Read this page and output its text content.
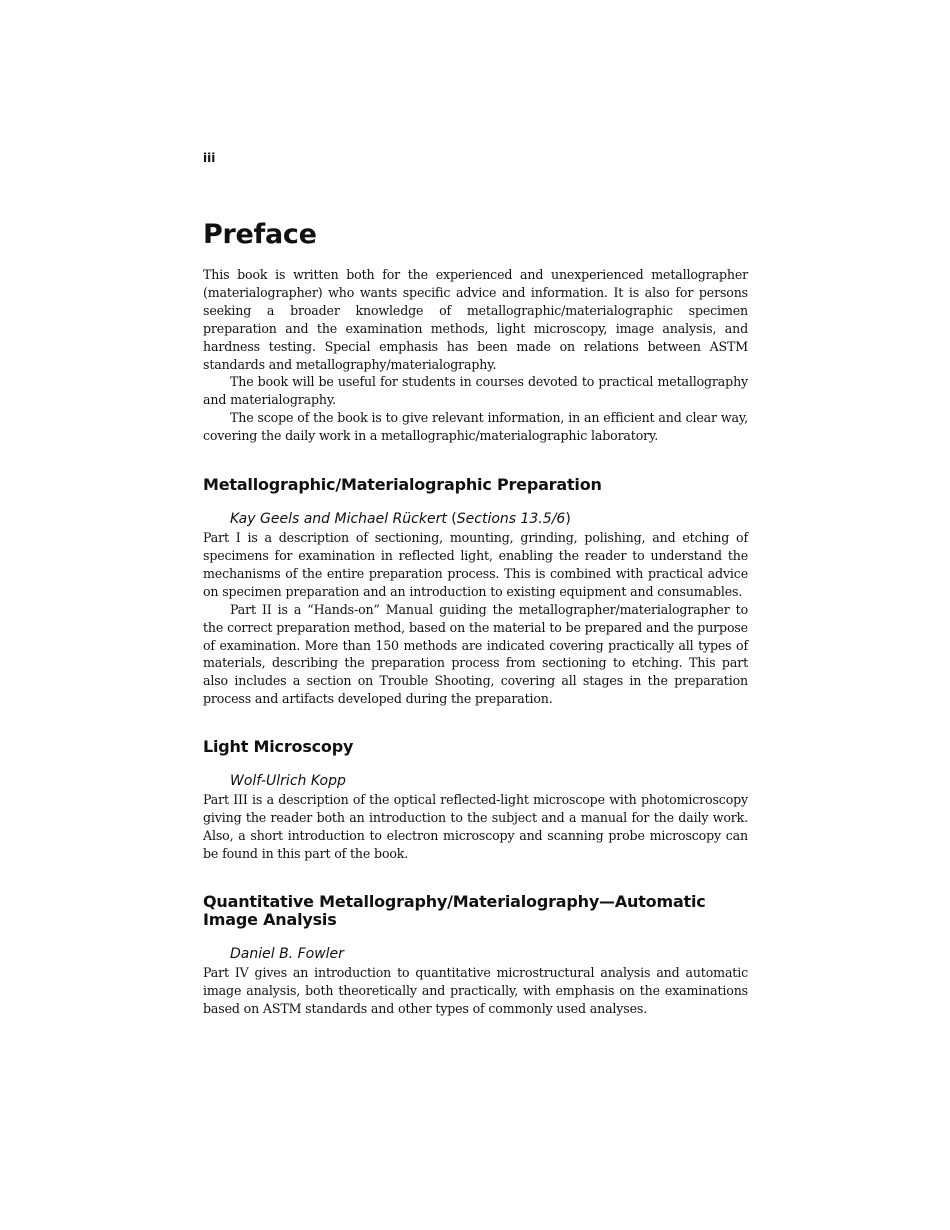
iii

Preface

This book is written both for the experienced and unexperienced metallographer (materialographer) who wants specific advice and information. It is also for persons seeking a broader knowledge of metallographic/materialographic specimen preparation and the examination methods, light microscopy, image analysis, and hardness testing. Special emphasis has been made on relations between ASTM standards and metallography/materialography.

The book will be useful for students in courses devoted to practical metallography and materialography.

The scope of the book is to give relevant information, in an efficient and clear way, covering the daily work in a metallographic/materialographic laboratory.

Metallographic/Materialographic Preparation

Kay Geels and Michael Rückert (Sections 13.5/6)

Part I is a description of sectioning, mounting, grinding, polishing, and etching of specimens for examination in reflected light, enabling the reader to understand the mechanisms of the entire preparation process. This is combined with practical advice on specimen preparation and an introduction to existing equipment and consumables.

Part II is a “Hands-on” Manual guiding the metallographer/materialographer to the correct preparation method, based on the material to be prepared and the purpose of examination. More than 150 methods are indicated covering practically all types of materials, describing the preparation process from sectioning to etching. This part also includes a section on Trouble Shooting, covering all stages in the preparation process and artifacts developed during the preparation.

Light Microscopy

Wolf-Ulrich Kopp

Part III is a description of the optical reflected-light microscope with photomicroscopy giving the reader both an introduction to the subject and a manual for the daily work. Also, a short introduction to electron microscopy and scanning probe microscopy can be found in this part of the book.

Quantitative Metallography/Materialography—Automatic
Image Analysis

Daniel B. Fowler

Part IV gives an introduction to quantitative microstructural analysis and automatic image analysis, both theoretically and practically, with emphasis on the examinations based on ASTM standards and other types of commonly used analyses.
